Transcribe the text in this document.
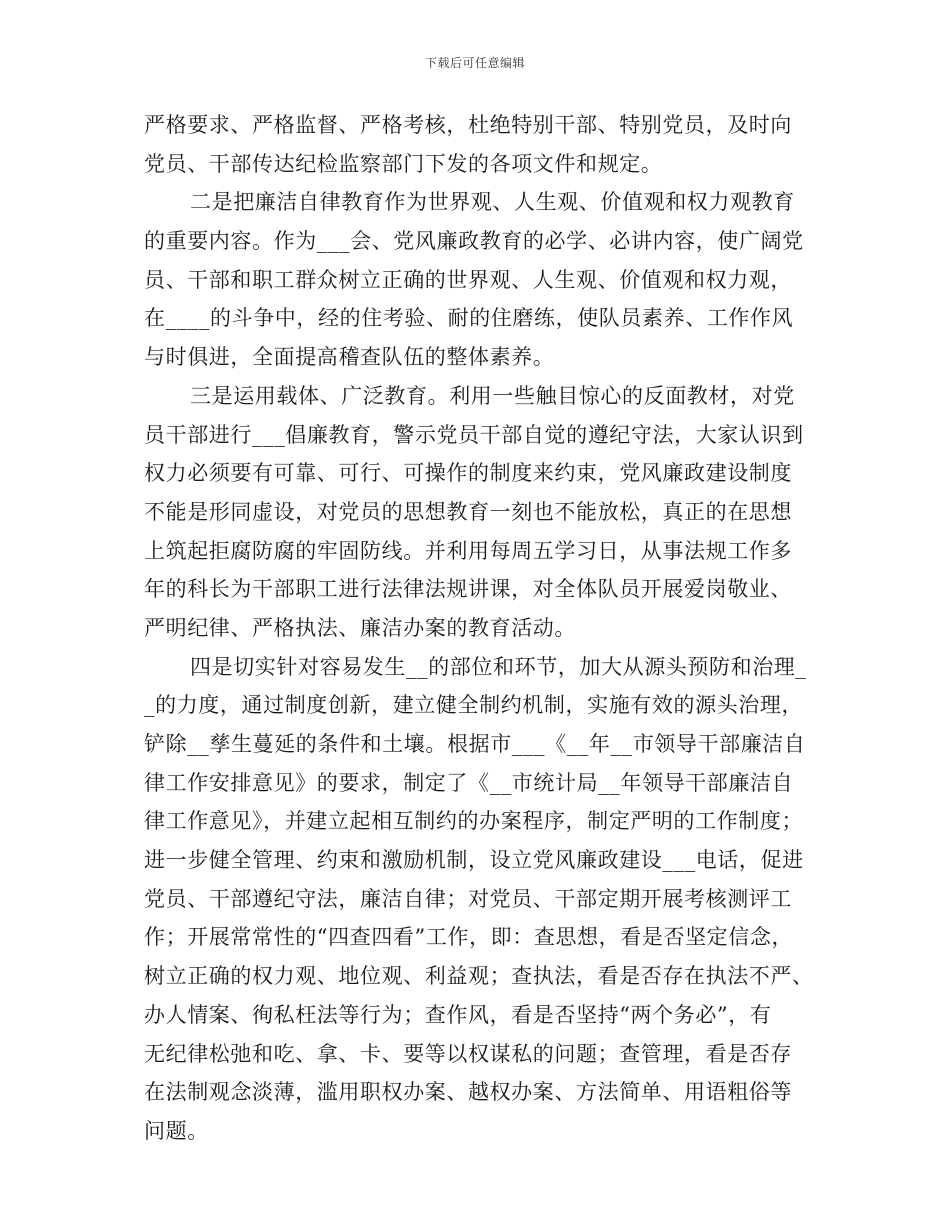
下载后可任意编辑
严格要求、严格监督、严格考核，杜绝特别干部、特别党员，及时向
党员、干部传达纪检监察部门下发的各项文件和规定。
二是把廉洁自律教育作为世界观、人生观、价值观和权力观教育
的重要内容。作为___会、党风廉政教育的必学、必讲内容，使广阔党
员、干部和职工群众树立正确的世界观、人生观、价值观和权力观，
在____的斗争中，经的住考验、耐的住磨练，使队员素养、工作作风
与时俱进，全面提高稽查队伍的整体素养。
三是运用载体、广泛教育。利用一些触目惊心的反面教材，对党
员干部进行___倡廉教育，警示党员干部自觉的遵纪守法，大家认识到
权力必须要有可靠、可行、可操作的制度来约束，党风廉政建设制度
不能是形同虚设，对党员的思想教育一刻也不能放松，真正的在思想
上筑起拒腐防腐的牢固防线。并利用每周五学习日，从事法规工作多
年的科长为干部职工进行法律法规讲课，对全体队员开展爱岗敬业、
严明纪律、严格执法、廉洁办案的教育活动。
四是切实针对容易发生__的部位和环节，加大从源头预防和治理_
_的力度，通过制度创新，建立健全制约机制，实施有效的源头治理，
铲除__孳生蔓延的条件和土壤。根据市___《__年__市领导干部廉洁自
律工作安排意见》的要求，制定了《__市统计局__年领导干部廉洁自
律工作意见》，并建立起相互制约的办案程序，制定严明的工作制度；
进一步健全管理、约束和激励机制，设立党风廉政建设___电话，促进
党员、干部遵纪守法，廉洁自律；对党员、干部定期开展考核测评工
作；开展常常性的“四查四看”工作，即：查思想，看是否坚定信念，
树立正确的权力观、地位观、利益观；查执法，看是否存在执法不严、
办人情案、徇私枉法等行为；查作风，看是否坚持“两个务必”，有
无纪律松弛和吃、拿、卡、要等以权谋私的问题；查管理，看是否存
在法制观念淡薄，滥用职权办案、越权办案、方法简单、用语粗俗等
问题。
